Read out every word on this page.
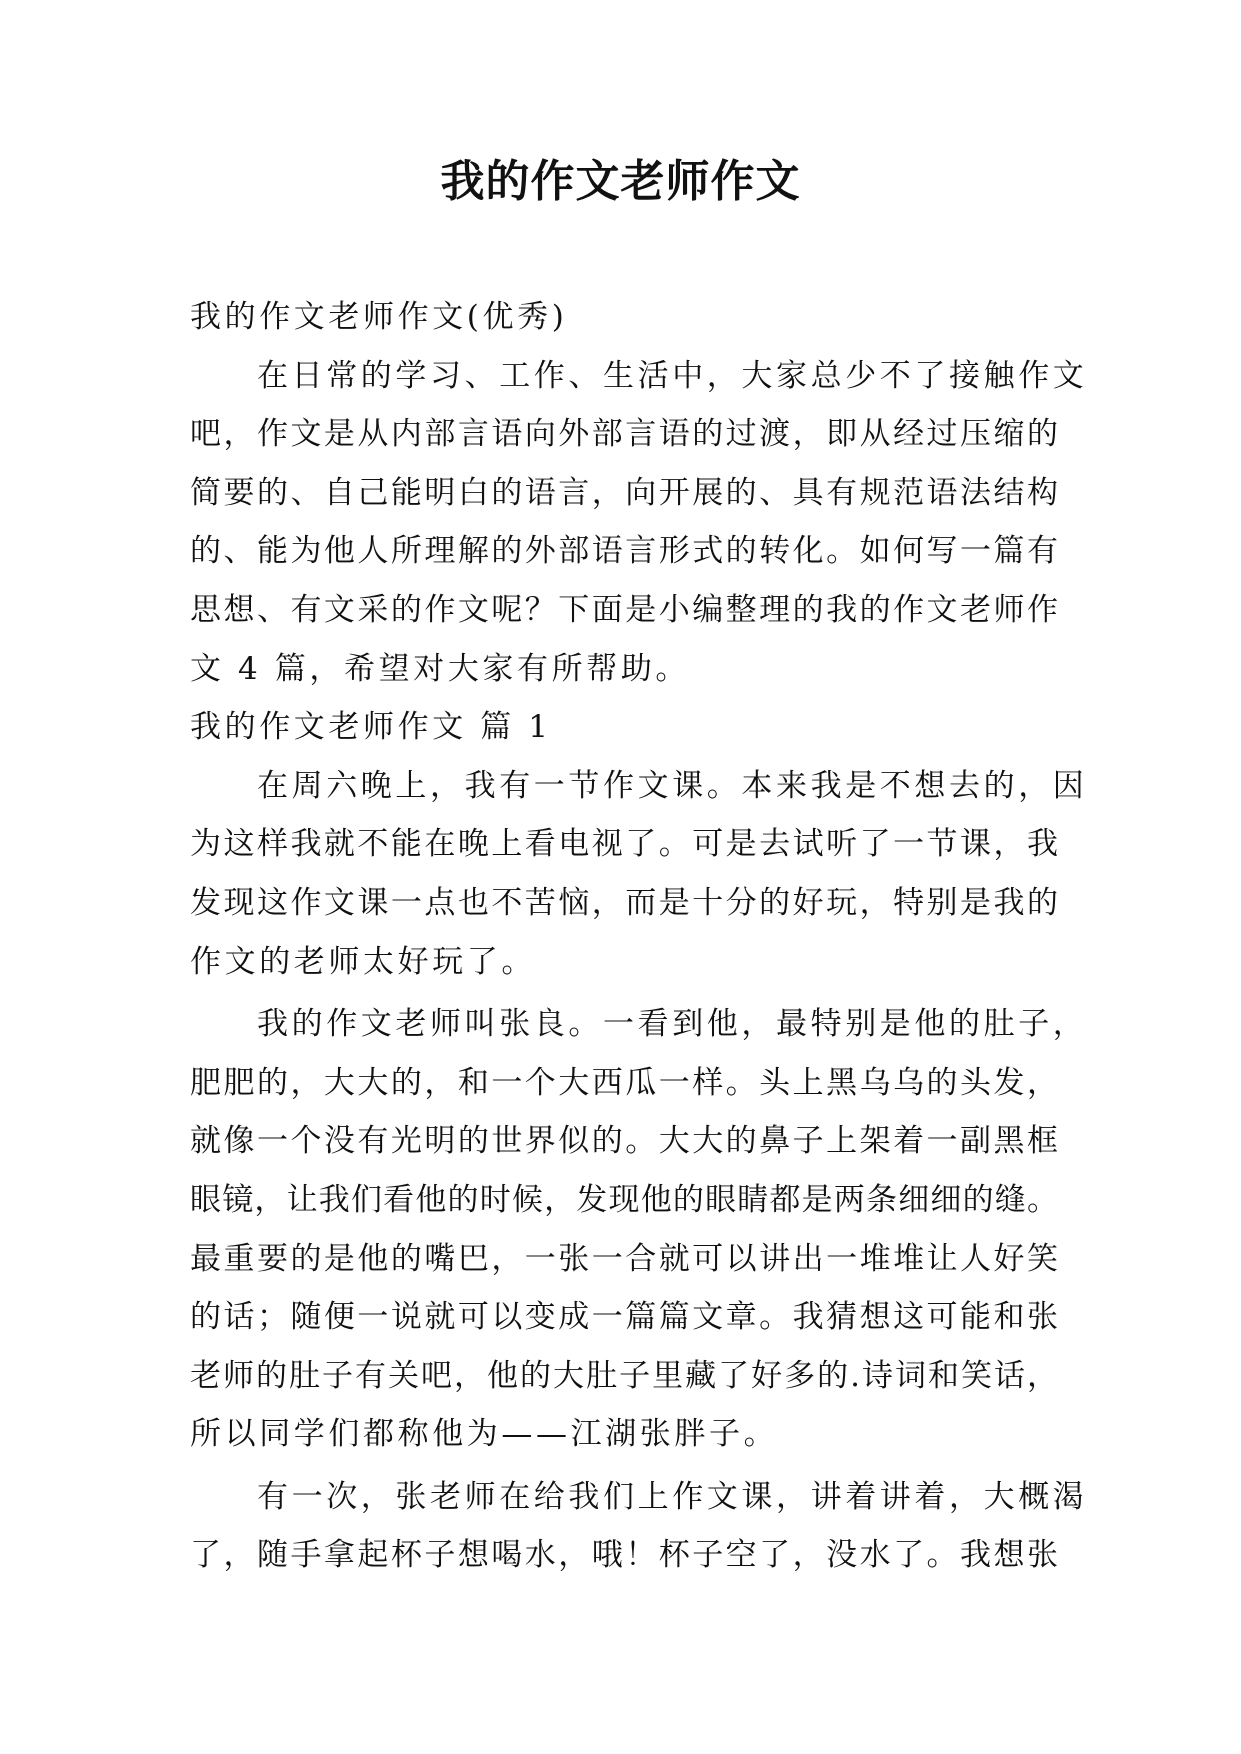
我的作文老师作文
我的作文老师作文(优秀)
在日常的学习、工作、生活中，大家总少不了接触作文
吧，作文是从内部言语向外部言语的过渡，即从经过压缩的
简要的、自己能明白的语言，向开展的、具有规范语法结构
的、能为他人所理解的外部语言形式的转化。如何写一篇有
思想、有文采的作文呢？下面是小编整理的我的作文老师作
文 4 篇，希望对大家有所帮助。
我的作文老师作文 篇 1
在周六晚上，我有一节作文课。本来我是不想去的，因
为这样我就不能在晚上看电视了。可是去试听了一节课，我
发现这作文课一点也不苦恼，而是十分的好玩，特别是我的
作文的老师太好玩了。
我的作文老师叫张良。一看到他，最特别是他的肚子，
肥肥的，大大的，和一个大西瓜一样。头上黑乌乌的头发，
就像一个没有光明的世界似的。大大的鼻子上架着一副黑框
眼镜，让我们看他的时候，发现他的眼睛都是两条细细的缝。
最重要的是他的嘴巴，一张一合就可以讲出一堆堆让人好笑
的话；随便一说就可以变成一篇篇文章。我猜想这可能和张
老师的肚子有关吧，他的大肚子里藏了好多的.诗词和笑话，
所以同学们都称他为——江湖张胖子。
有一次，张老师在给我们上作文课，讲着讲着，大概渴
了，随手拿起杯子想喝水，哦！杯子空了，没水了。我想张
